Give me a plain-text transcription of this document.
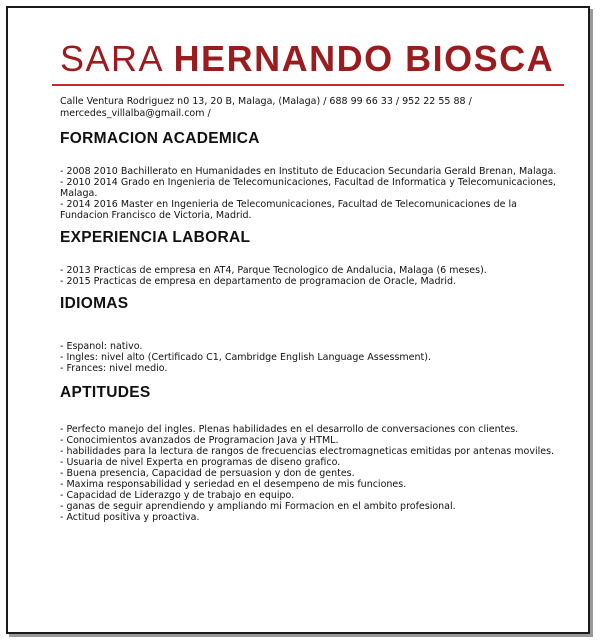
SARA HERNANDO BIOSCA
Calle Ventura Rodriguez n0 13, 20 B, Malaga, (Malaga) / 688 99 66 33 / 952 22 55 88 / mercedes_villalba@gmail.com /
FORMACION ACADEMICA
- 2008 2010 Bachillerato en Humanidades en Instituto de Educacion Secundaria Gerald Brenan, Malaga.
- 2010 2014 Grado en Ingenieria de Telecomunicaciones, Facultad de Informatica y Telecomunicaciones, Malaga.
- 2014 2016 Master en Ingenieria de Telecomunicaciones, Facultad de Telecomunicaciones de la Fundacion Francisco de Victoria, Madrid.
EXPERIENCIA LABORAL
- 2013 Practicas de empresa en AT4, Parque Tecnologico de Andalucia, Malaga (6 meses).
- 2015 Practicas de empresa en departamento de programacion de Oracle, Madrid.
IDIOMAS
- Espanol: nativo.
- Ingles: nivel alto (Certificado C1, Cambridge English Language Assessment).
- Frances: nivel medio.
APTITUDES
- Perfecto manejo del ingles. Plenas habilidades en el desarrollo de conversaciones con clientes.
- Conocimientos avanzados de Programacion Java y HTML.
- habilidades para la lectura de rangos de frecuencias electromagneticas emitidas por antenas moviles.
- Usuaria de nivel Experta en programas de diseno grafico.
- Buena presencia, Capacidad de persuasion y don de gentes.
- Maxima responsabilidad y seriedad en el desempeno de mis funciones.
- Capacidad de Liderazgo y de trabajo en equipo.
- ganas de seguir aprendiendo y ampliando mi Formacion en el ambito profesional.
- Actitud positiva y proactiva.
